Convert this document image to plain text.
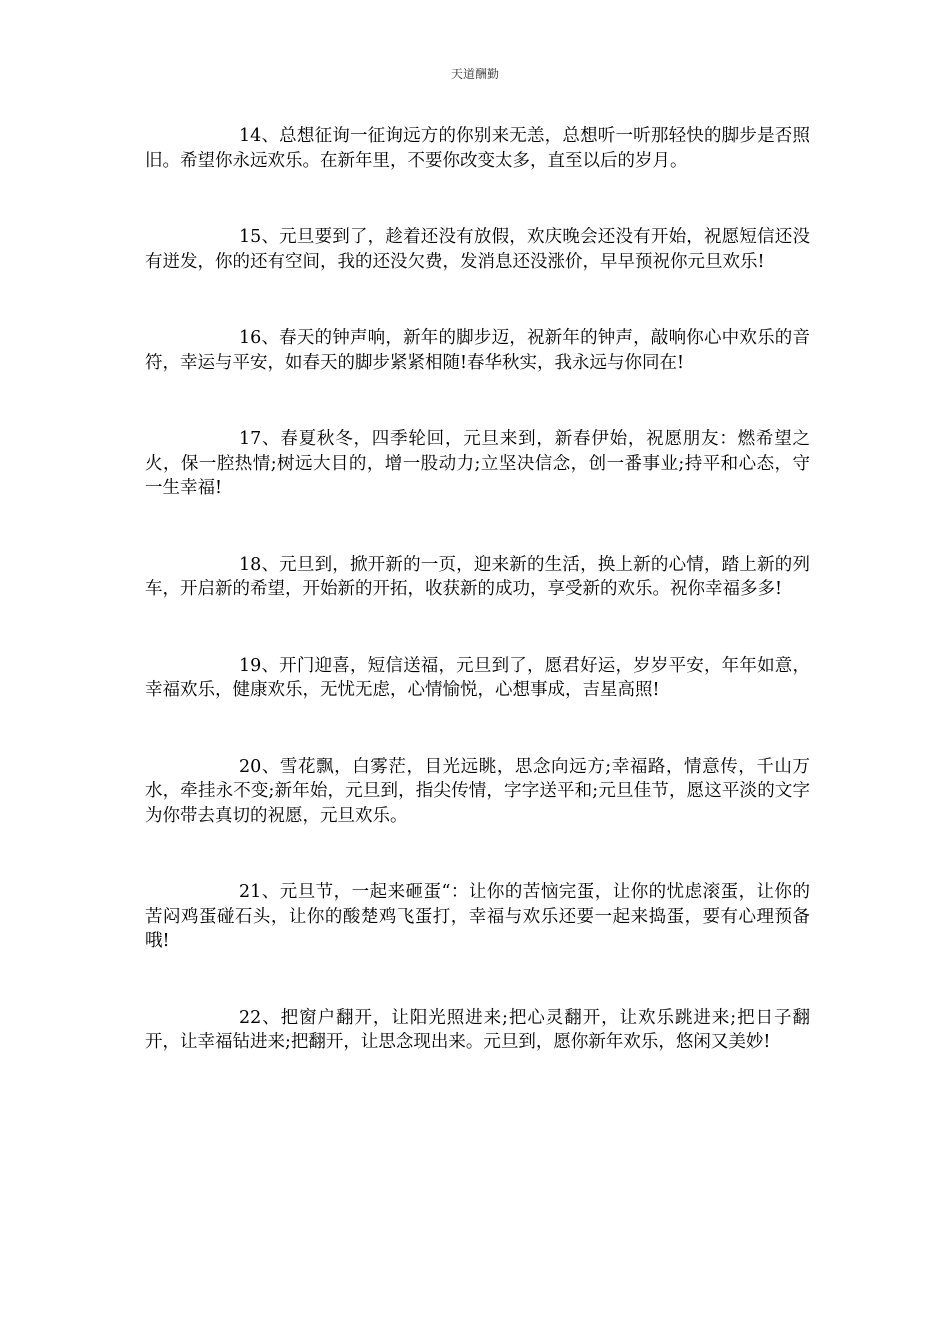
天道酬勤

14、总想征询一征询远方的你别来无恙，总想听一听那轻快的脚步是否照旧。希望你永远欢乐。在新年里，不要你改变太多，直至以后的岁月。

15、元旦要到了，趁着还没有放假，欢庆晚会还没有开始，祝愿短信还没有迸发，你的还有空间，我的还没欠费，发消息还没涨价，早早预祝你元旦欢乐!

16、春天的钟声响，新年的脚步迈，祝新年的钟声，敲响你心中欢乐的音符，幸运与平安，如春天的脚步紧紧相随!春华秋实，我永远与你同在!

17、春夏秋冬，四季轮回，元旦来到，新春伊始，祝愿朋友：燃希望之火，保一腔热情;树远大目的，增一股动力;立坚决信念，创一番事业;持平和心态，守一生幸福!

18、元旦到，掀开新的一页，迎来新的生活，换上新的心情，踏上新的列车，开启新的希望，开始新的开拓，收获新的成功，享受新的欢乐。祝你幸福多多!

19、开门迎喜，短信送福，元旦到了，愿君好运，岁岁平安，年年如意，幸福欢乐，健康欢乐，无忧无虑，心情愉悦，心想事成，吉星高照!

20、雪花飘，白雾茫，目光远眺，思念向远方;幸福路，情意传，千山万水，牵挂永不变;新年始，元旦到，指尖传情，字字送平和;元旦佳节，愿这平淡的文字为你带去真切的祝愿，元旦欢乐。

21、元旦节，一起来砸蛋“：让你的苦恼完蛋，让你的忧虑滚蛋，让你的苦闷鸡蛋碰石头，让你的酸楚鸡飞蛋打，幸福与欢乐还要一起来捣蛋，要有心理预备哦!

22、把窗户翻开，让阳光照进来;把心灵翻开，让欢乐跳进来;把日子翻开，让幸福钻进来;把翻开，让思念现出来。元旦到，愿你新年欢乐，悠闲又美妙!
